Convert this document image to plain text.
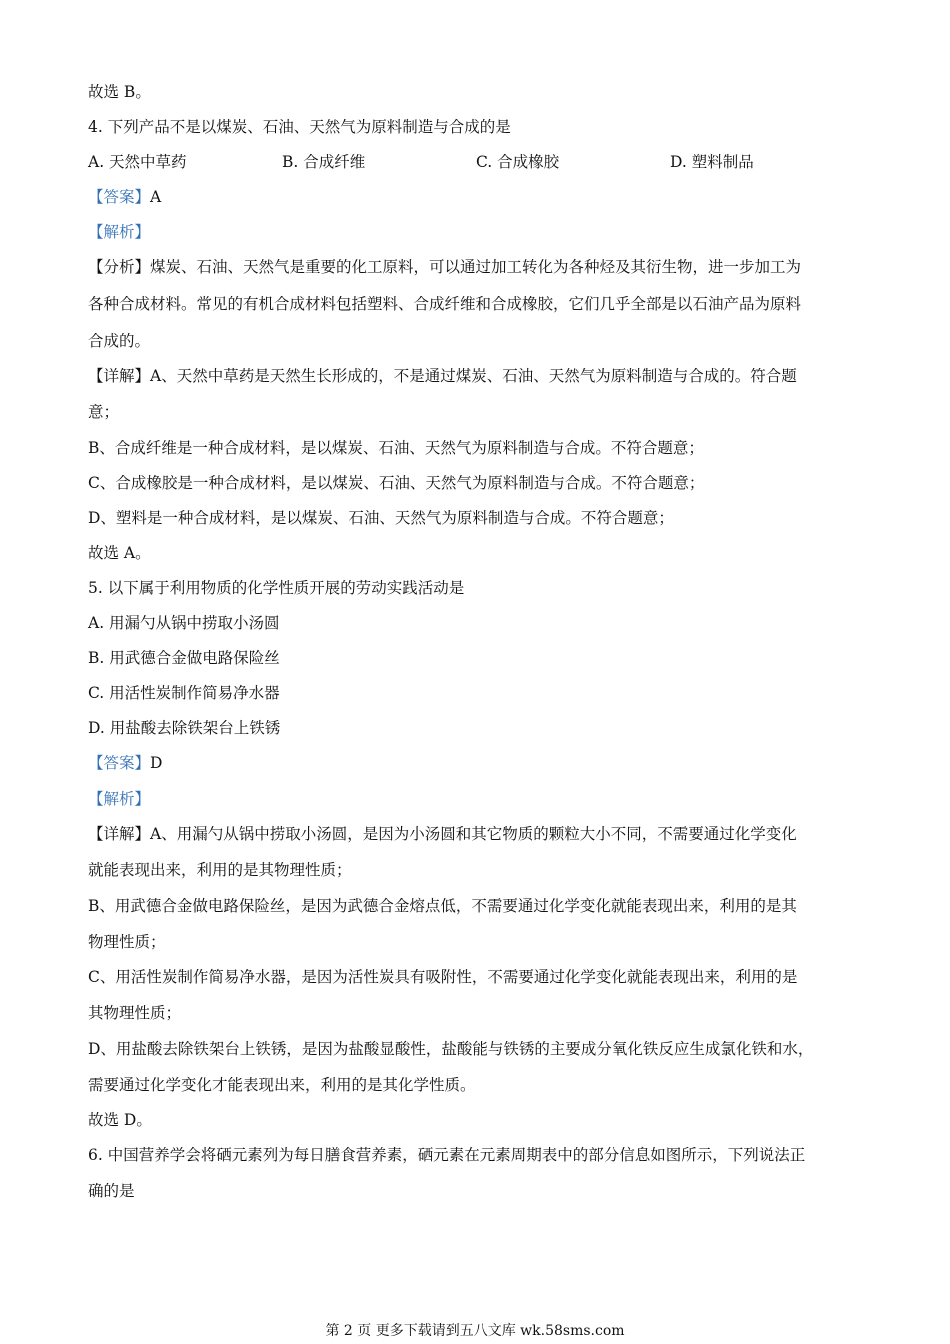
故选 B。

4. 下列产品不是以煤炭、石油、天然气为原料制造与合成的是

A. 天然中草药	B. 合成纤维	C. 合成橡胶	D. 塑料制品

【答案】A

【解析】

【分析】煤炭、石油、天然气是重要的化工原料，可以通过加工转化为各种烃及其衍生物，进一步加工为

各种合成材料。常见的有机合成材料包括塑料、合成纤维和合成橡胶，它们几乎全部是以石油产品为原料

合成的。

【详解】A、天然中草药是天然生长形成的，不是通过煤炭、石油、天然气为原料制造与合成的。符合题

意；

B、合成纤维是一种合成材料，是以煤炭、石油、天然气为原料制造与合成。不符合题意；

C、合成橡胶是一种合成材料，是以煤炭、石油、天然气为原料制造与合成。不符合题意；

D、塑料是一种合成材料，是以煤炭、石油、天然气为原料制造与合成。不符合题意；

故选 A。

5. 以下属于利用物质的化学性质开展的劳动实践活动是

A. 用漏勺从锅中捞取小汤圆

B. 用武德合金做电路保险丝

C. 用活性炭制作简易净水器

D. 用盐酸去除铁架台上铁锈

【答案】D

【解析】

【详解】A、用漏勺从锅中捞取小汤圆，是因为小汤圆和其它物质的颗粒大小不同，不需要通过化学变化

就能表现出来，利用的是其物理性质；

B、用武德合金做电路保险丝，是因为武德合金熔点低，不需要通过化学变化就能表现出来，利用的是其

物理性质；

C、用活性炭制作简易净水器，是因为活性炭具有吸附性，不需要通过化学变化就能表现出来，利用的是

其物理性质；

D、用盐酸去除铁架台上铁锈，是因为盐酸显酸性，盐酸能与铁锈的主要成分氧化铁反应生成氯化铁和水，

需要通过化学变化才能表现出来，利用的是其化学性质。

故选 D。

6. 中国营养学会将硒元素列为每日膳食营养素，硒元素在元素周期表中的部分信息如图所示，下列说法正

确的是

第 2 页 更多下载请到五八文库 wk.58sms.com
